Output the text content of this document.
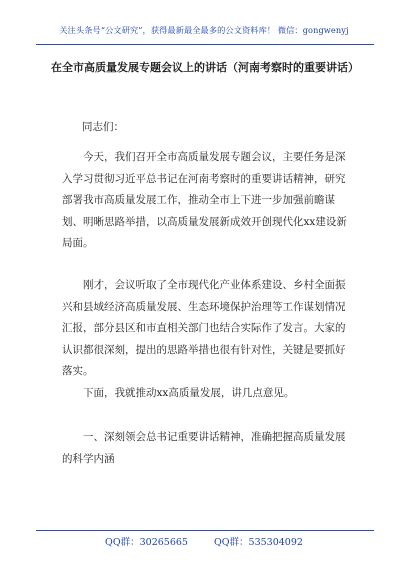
关注头条号“公文研究”，获得最新最全最多的公文资料库！ 微信：gongwenyj
在全市高质量发展专题会议上的讲话（河南考察时的重要讲话）
同志们：

今天，我们召开全市高质量发展专题会议，主要任务是深入学习贯彻习近平总书记在河南考察时的重要讲话精神，研究部署我市高质量发展工作，推动全市上下进一步加强前瞻谋划、明晰思路举措，以高质量发展新成效开创现代化xx建设新局面。

刚才，会议听取了全市现代化产业体系建设、乡村全面振兴和县域经济高质量发展、生态环境保护治理等工作谋划情况汇报，部分县区和市直相关部门也结合实际作了发言。大家的认识都很深刻，提出的思路举措也很有针对性，关键是要抓好落实。

下面，我就推动xx高质量发展，讲几点意见。

一、深刻领会总书记重要讲话精神，准确把握高质量发展的科学内涵

QQ群：30265665	QQ群：535304092
